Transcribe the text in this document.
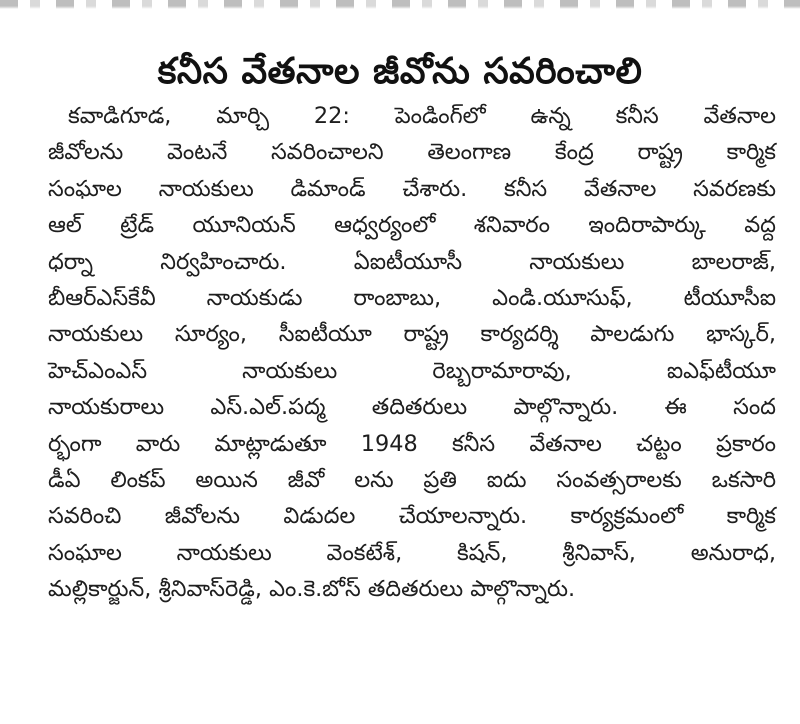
కనీస వేతనాల జీవోను సవరించాలి
కవాడిగూడ, మార్చి 22: పెండింగ్‌లో ఉన్న కనీస వేతనాల
జీవోలను వెంటనే సవరించాలని తెలంగాణ కేంద్ర రాష్ట్ర కార్మిక
సంఘాల నాయకులు డిమాండ్ చేశారు. కనీస వేతనాల సవరణకు
ఆల్ ట్రేడ్ యూనియన్ ఆధ్వర్యంలో శనివారం ఇందిరాపార్కు వద్ద
ధర్నా నిర్వహించారు. ఏఐటీయూసీ నాయకులు బాలరాజ్,
బీఆర్ఎస్‌కేవీ నాయకుడు రాంబాబు, ఎండి.యూసుఫ్, టీయూసీఐ
నాయకులు సూర్యం, సీఐటీయూ రాష్ట్ర కార్యదర్శి పాలడుగు భాస్కర్,
హెచ్ఎంఎస్ నాయకులు రెబ్బరామారావు, ఐఎఫ్‌టీయూ
నాయకురాలు ఎస్.ఎల్.పద్మ తదితరులు పాల్గొన్నారు. ఈ సంద
ర్భంగా వారు మాట్లాడుతూ 1948 కనీస వేతనాల చట్టం ప్రకారం
డీఏ లింకప్ అయిన జీవో లను ప్రతి ఐదు సంవత్సరాలకు ఒకసారి
సవరించి జీవోలను విడుదల చేయాలన్నారు. కార్యక్రమంలో కార్మిక
సంఘాల నాయకులు వెంకటేశ్, కిషన్, శ్రీనివాస్, అనురాధ,
మల్లికార్జున్, శ్రీనివాస్‌రెడ్డి, ఎం.కె.బోస్ తదితరులు పాల్గొన్నారు.
